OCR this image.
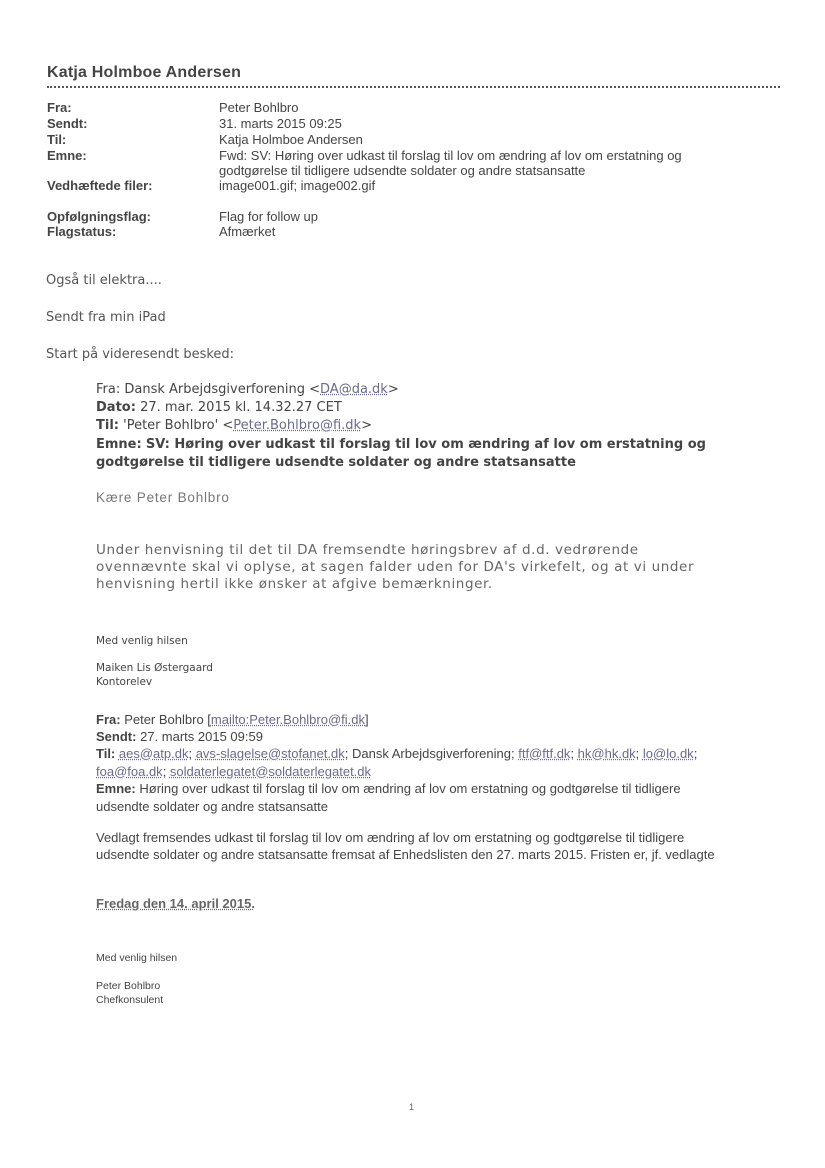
Katja Holmboe Andersen
Fra:	Peter Bohlbro
Sendt:	31. marts 2015 09:25
Til:	Katja Holmboe Andersen
Emne:	Fwd: SV: Høring over udkast til forslag til lov om ændring af lov om erstatning og godtgørelse til tidligere udsendte soldater og andre statsansatte
Vedhæftede filer:	image001.gif; image002.gif
Opfølgningsflag:	Flag for follow up
Flagstatus:	Afmærket
Også til elektra....
Sendt fra min iPad
Start på videresendt besked:
Fra: Dansk Arbejdsgiverforening <DA@da.dk>
Dato: 27. mar. 2015 kl. 14.32.27 CET
Til: 'Peter Bohlbro' <Peter.Bohlbro@fi.dk>
Emne: SV: Høring over udkast til forslag til lov om ændring af lov om erstatning og godtgørelse til tidligere udsendte soldater og andre statsansatte
Kære Peter Bohlbro
Under henvisning til det til DA fremsendte høringsbrev af d.d. vedrørende ovennævnte skal vi oplyse, at sagen falder uden for DA's virkefelt, og at vi under henvisning hertil ikke ønsker at afgive bemærkninger.
Med venlig hilsen
Maiken Lis Østergaard
Kontorelev
Fra: Peter Bohlbro [mailto:Peter.Bohlbro@fi.dk]
Sendt: 27. marts 2015 09:59
Til: aes@atp.dk; avs-slagelse@stofanet.dk; Dansk Arbejdsgiverforening; ftf@ftf.dk; hk@hk.dk; lo@lo.dk; foa@foa.dk; soldaterlegatet@soldaterlegatet.dk
Emne: Høring over udkast til forslag til lov om ændring af lov om erstatning og godtgørelse til tidligere udsendte soldater og andre statsansatte
Vedlagt fremsendes udkast til forslag til lov om ændring af lov om erstatning og godtgørelse til tidligere udsendte soldater og andre statsansatte fremsat af Enhedslisten den 27. marts 2015. Fristen er, jf. vedlagte
Fredag den 14. april 2015.
Med venlig hilsen
Peter Bohlbro
Chefkonsulent
1
